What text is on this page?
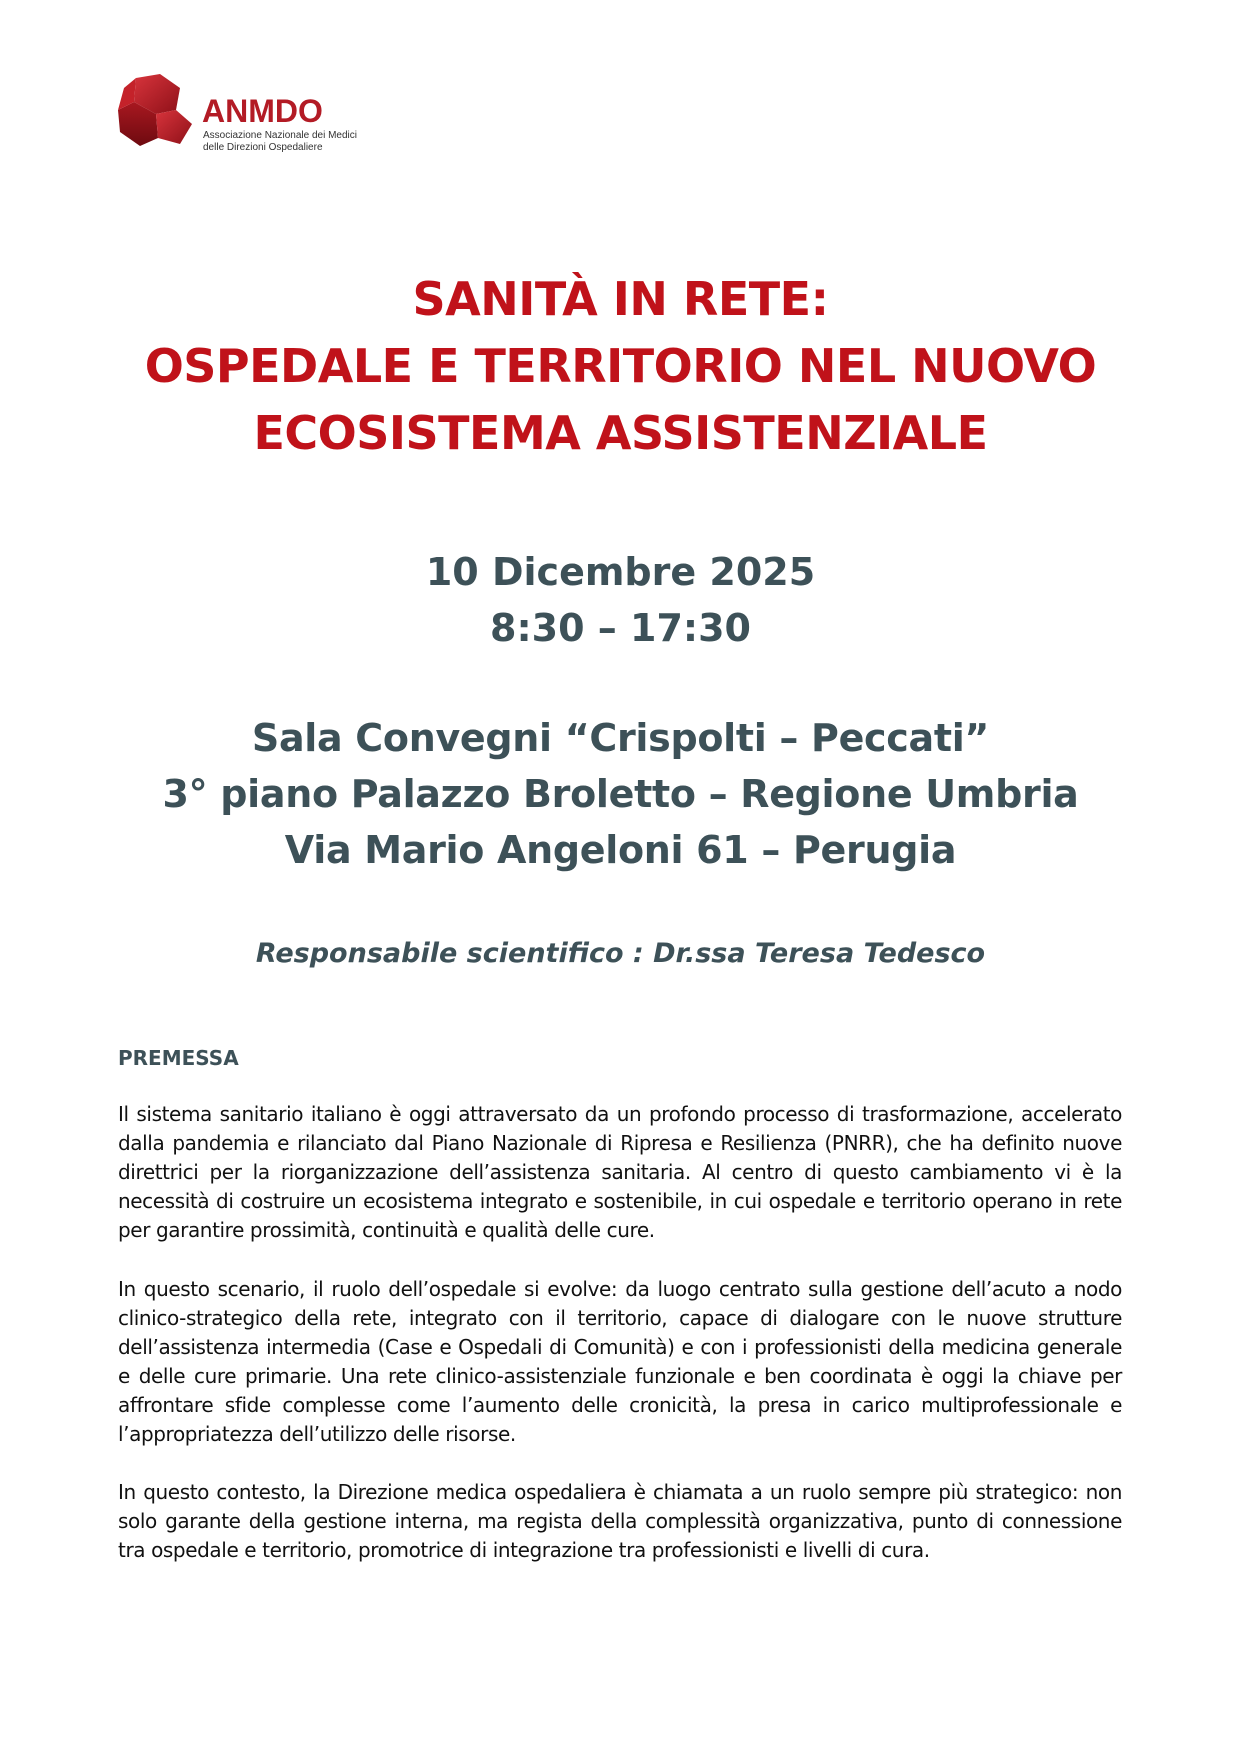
ANMDO
Associazione Nazionale dei Medici
delle Direzioni Ospedaliere
SANITÀ IN RETE:
OSPEDALE E TERRITORIO NEL NUOVO
ECOSISTEMA ASSISTENZIALE
10 Dicembre 2025
8:30 – 17:30
Sala Convegni “Crispolti – Peccati”
3° piano Palazzo Broletto – Regione Umbria
Via Mario Angeloni 61 – Perugia
Responsabile scientifico : Dr.ssa Teresa Tedesco
PREMESSA
Il sistema sanitario italiano è oggi attraversato da un profondo processo di trasformazione, accelerato dalla pandemia e rilanciato dal Piano Nazionale di Ripresa e Resilienza (PNRR), che ha definito nuove direttrici per la riorganizzazione dell’assistenza sanitaria. Al centro di questo cambiamento vi è la necessità di costruire un ecosistema integrato e sostenibile, in cui ospedale e territorio operano in rete per garantire prossimità, continuità e qualità delle cure.
In questo scenario, il ruolo dell’ospedale si evolve: da luogo centrato sulla gestione dell’acuto a nodo clinico-strategico della rete, integrato con il territorio, capace di dialogare con le nuove strutture dell’assistenza intermedia (Case e Ospedali di Comunità) e con i professionisti della medicina generale e delle cure primarie. Una rete clinico-assistenziale funzionale e ben coordinata è oggi la chiave per affrontare sfide complesse come l’aumento delle cronicità, la presa in carico multiprofessionale e l’appropriatezza dell’utilizzo delle risorse.
In questo contesto, la Direzione medica ospedaliera è chiamata a un ruolo sempre più strategico: non solo garante della gestione interna, ma regista della complessità organizzativa, punto di connessione tra ospedale e territorio, promotrice di integrazione tra professionisti e livelli di cura.
